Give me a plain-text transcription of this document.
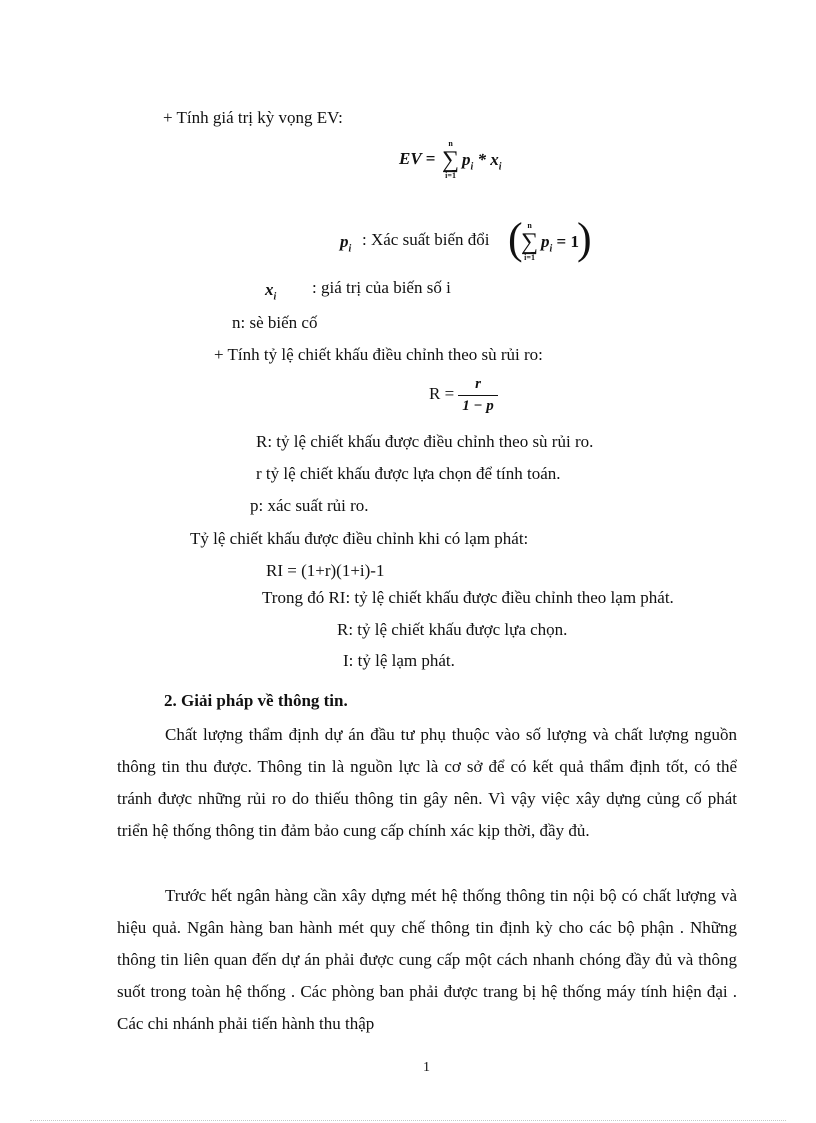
+ Tính giá trị kỳ vọng EV:
EV =
n
∑
i=1
$p_i * x_i$
$p_i$ : Xác suất biến đổi ( n
∑
i=1
$p_i = 1$
)
$x_i$ : giá trị của biến số i
n: sè biến cố
+ Tính tỷ lệ chiết khấu điều chỉnh theo sù rủi ro:
$R = \frac{r}{1 - p}$
R: tỷ lệ chiết khấu được điều chỉnh theo sù rủi ro.
r tỷ lệ chiết khấu được lựa chọn để tính toán.
p: xác suất rủi ro.
Tỷ lệ chiết khấu được điều chỉnh khi có lạm phát:
RI = (1+r)(1+i)-1
Trong đó RI: tỷ lệ chiết khấu được điều chỉnh theo lạm phát.
R: tỷ lệ chiết khấu được lựa chọn.
I: tỷ lệ lạm phát.
2. Giải pháp về thông tin.
Chất lượng thẩm định dự án đầu tư phụ thuộc vào số lượng và chất lượng nguồn thông tin thu được. Thông tin là nguồn lực là cơ sở để có kết quả thẩm định tốt, có thể tránh được những rủi ro do thiếu thông tin gây nên. Vì vậy việc xây dựng củng cố phát triển hệ thống thông tin đảm bảo cung cấp chính xác kịp thời, đầy đủ.
Trước hết ngân hàng cần xây dựng mét hệ thống thông tin nội bộ có chất lượng và hiệu quả. Ngân hàng ban hành mét quy chế thông tin định kỳ cho các bộ phận . Những thông tin liên quan đến dự án phải được cung cấp một cách nhanh chóng đầy đủ và thông suốt trong toàn hệ thống . Các phòng ban phải được trang bị hệ thống máy tính hiện đại . Các chi nhánh phải tiến hành thu thập
1
